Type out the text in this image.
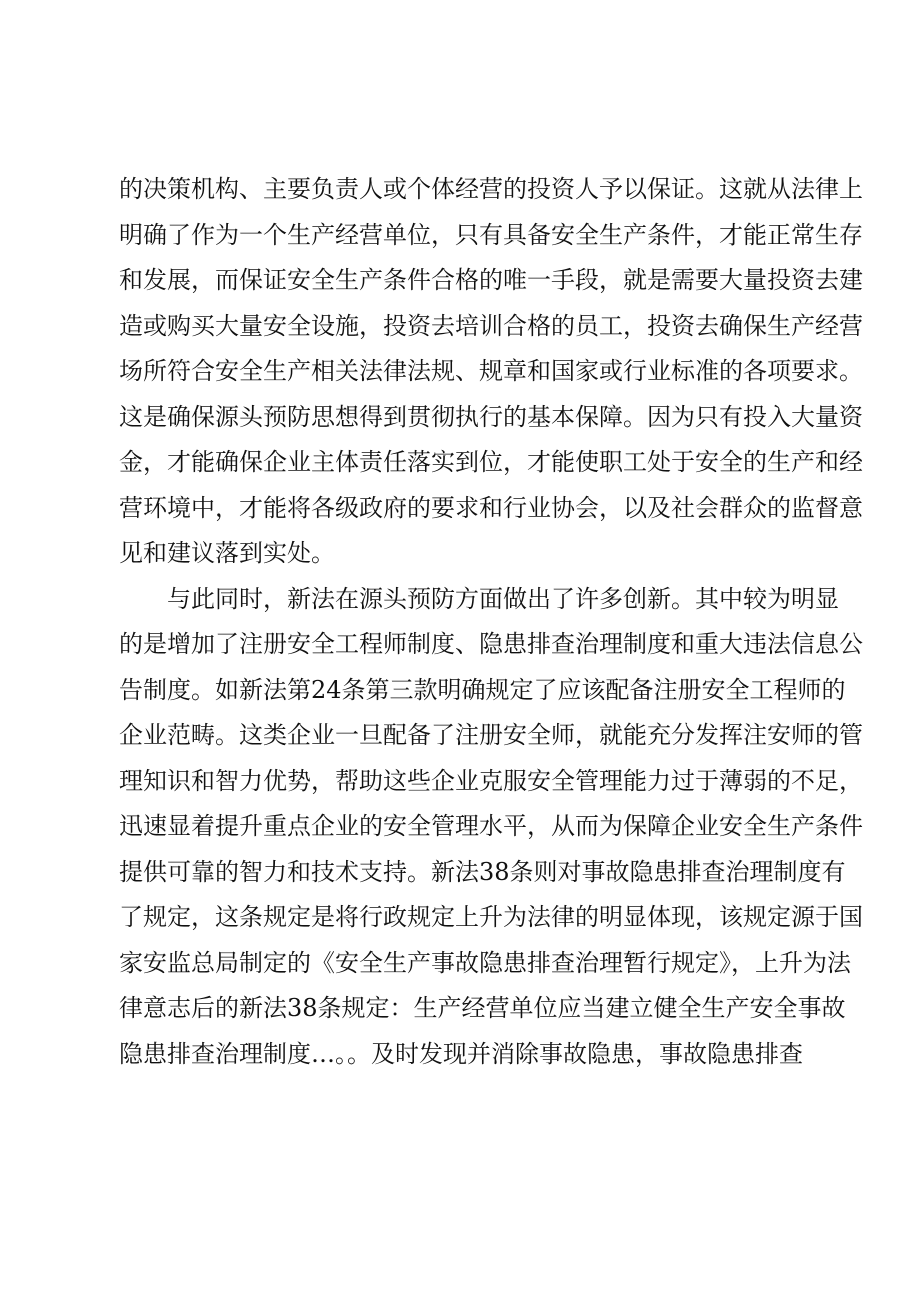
的决策机构、主要负责人或个体经营的投资人予以保证。这就从法律上
明确了作为一个生产经营单位，只有具备安全生产条件，才能正常生存
和发展，而保证安全生产条件合格的唯一手段，就是需要大量投资去建
造或购买大量安全设施，投资去培训合格的员工，投资去确保生产经营
场所符合安全生产相关法律法规、规章和国家或行业标准的各项要求。
这是确保源头预防思想得到贯彻执行的基本保障。因为只有投入大量资
金，才能确保企业主体责任落实到位，才能使职工处于安全的生产和经
营环境中，才能将各级政府的要求和行业协会，以及社会群众的监督意
见和建议落到实处。
与此同时，新法在源头预防方面做出了许多创新。其中较为明显
的是增加了注册安全工程师制度、隐患排查治理制度和重大违法信息公
告制度。如新法第24条第三款明确规定了应该配备注册安全工程师的
企业范畴。这类企业一旦配备了注册安全师，就能充分发挥注安师的管
理知识和智力优势，帮助这些企业克服安全管理能力过于薄弱的不足，
迅速显着提升重点企业的安全管理水平，从而为保障企业安全生产条件
提供可靠的智力和技术支持。新法38条则对事故隐患排查治理制度有
了规定，这条规定是将行政规定上升为法律的明显体现，该规定源于国
家安监总局制定的《安全生产事故隐患排查治理暂行规定》，上升为法
律意志后的新法38条规定：生产经营单位应当建立健全生产安全事故
隐患排查治理制度…。。及时发现并消除事故隐患，事故隐患排查
